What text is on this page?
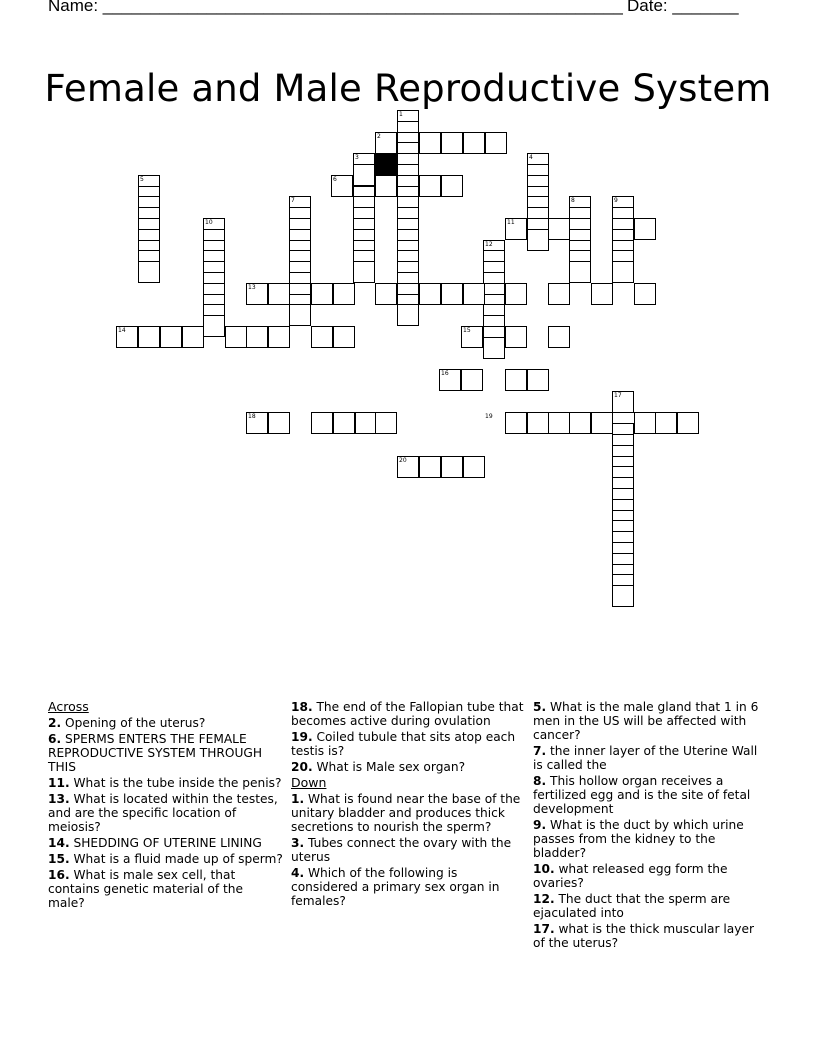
Name: _______________________________________________________ Date: _______
Female and Male Reproductive System
1
2
3	4
5	6
7	8	9
10	11
12
13
14	15
16
17
18	19
20
Across
2. Opening of the uterus?
6. SPERMS ENTERS THE FEMALE REPRODUCTIVE SYSTEM THROUGH THIS
11. What is the tube inside the penis?
13. What is located within the testes, and are the specific location of meiosis?
14. SHEDDING OF UTERINE LINING
15. What is a fluid made up of sperm?
16. What is male sex cell, that contains genetic material of the male?
18. The end of the Fallopian tube that becomes active during ovulation
19. Coiled tubule that sits atop each testis is?
20. What is Male sex organ?
Down
1. What is found near the base of the unitary bladder and produces thick secretions to nourish the sperm?
3. Tubes connect the ovary with the uterus
4. Which of the following is considered a primary sex organ in females?
5. What is the male gland that 1 in 6 men in the US will be affected with cancer?
7. the inner layer of the Uterine Wall is called the
8. This hollow organ receives a fertilized egg and is the site of fetal development
9. What is the duct by which urine passes from the kidney to the bladder?
10. what released egg form the ovaries?
12. The duct that the sperm are ejaculated into
17. what is the thick muscular layer of the uterus?
